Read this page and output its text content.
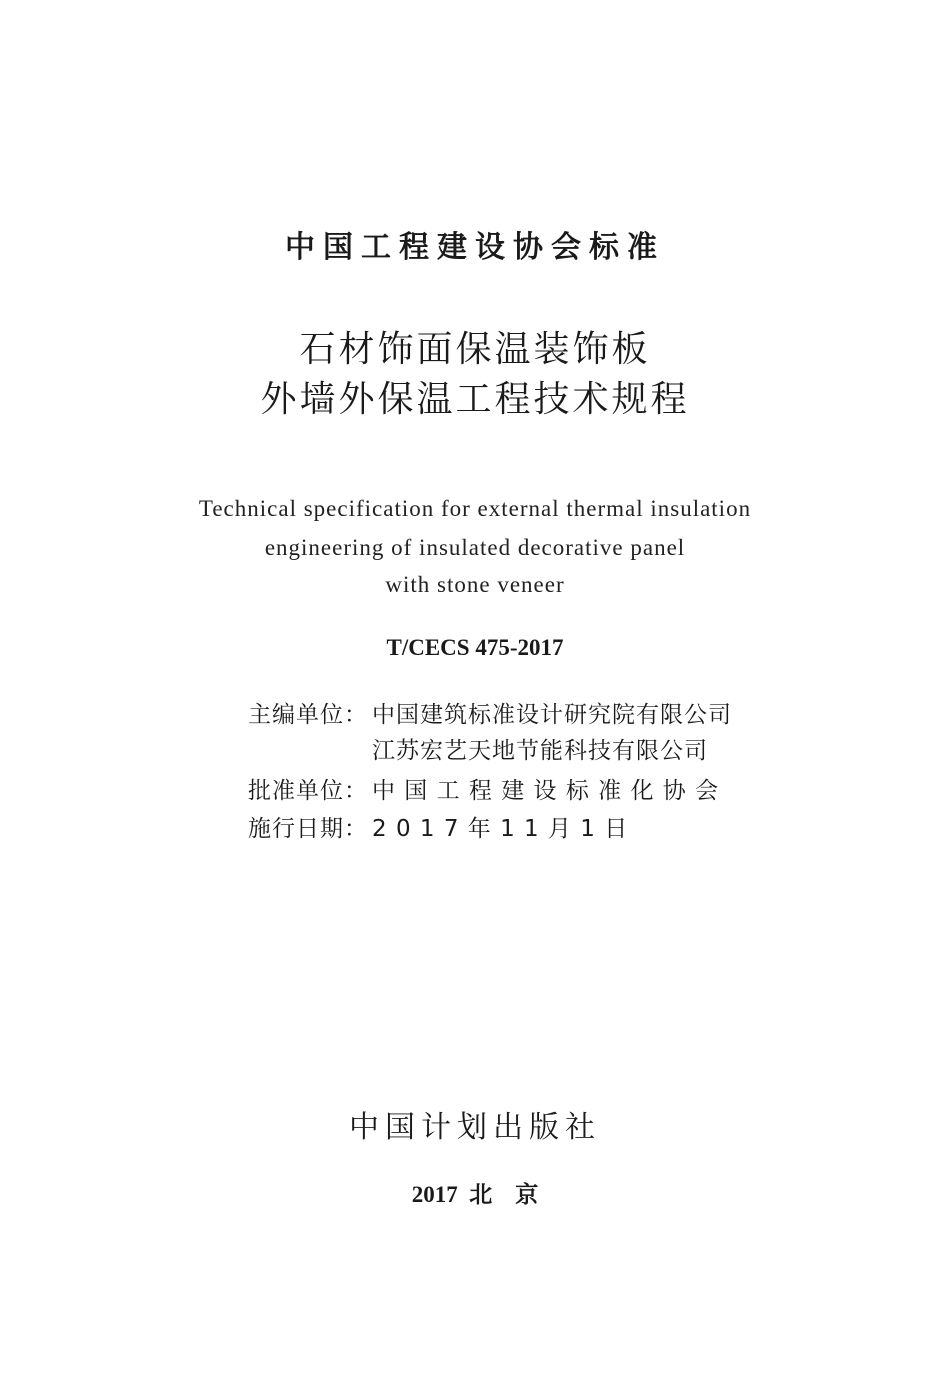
中国工程建设协会标准
石材饰面保温装饰板
外墙外保温工程技术规程
Technical specification for external thermal insulation
engineering of insulated decorative panel
with stone veneer
T/CECS 475-2017
主编单位： 中国建筑标准设计研究院有限公司
江苏宏艺天地节能科技有限公司
批准单位： 中 国 工 程 建 设 标 准 化 协 会
施行日期： 2 0 1 7 年 1 1 月 1 日
中国计划出版社
2017  北    京
